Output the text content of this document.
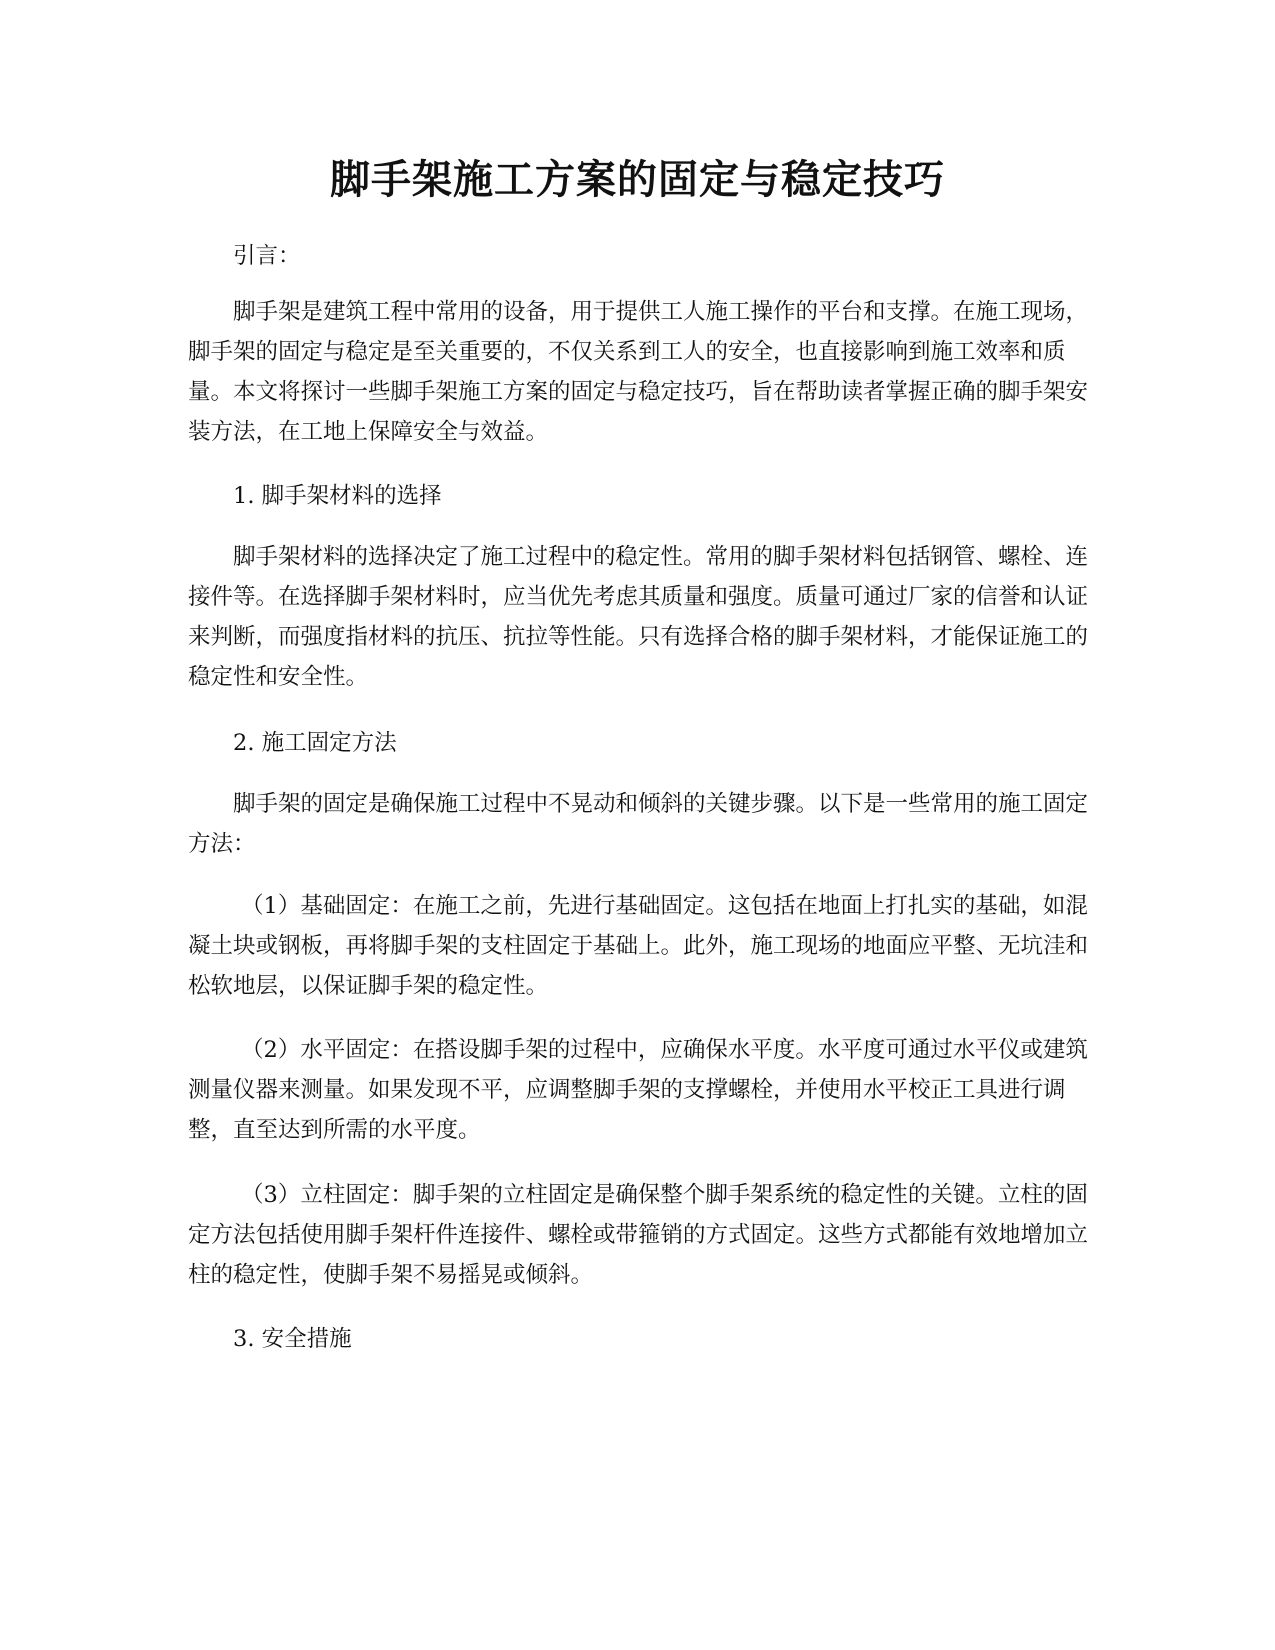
脚手架施工方案的固定与稳定技巧

引言：

脚手架是建筑工程中常用的设备，用于提供工人施工操作的平台和支撑。在施工现场，脚手架的固定与稳定是至关重要的，不仅关系到工人的安全，也直接影响到施工效率和质量。本文将探讨一些脚手架施工方案的固定与稳定技巧，旨在帮助读者掌握正确的脚手架安装方法，在工地上保障安全与效益。

1. 脚手架材料的选择

脚手架材料的选择决定了施工过程中的稳定性。常用的脚手架材料包括钢管、螺栓、连接件等。在选择脚手架材料时，应当优先考虑其质量和强度。质量可通过厂家的信誉和认证来判断，而强度指材料的抗压、抗拉等性能。只有选择合格的脚手架材料，才能保证施工的稳定性和安全性。

2. 施工固定方法

脚手架的固定是确保施工过程中不晃动和倾斜的关键步骤。以下是一些常用的施工固定方法：

（1）基础固定：在施工之前，先进行基础固定。这包括在地面上打扎实的基础，如混凝土块或钢板，再将脚手架的支柱固定于基础上。此外，施工现场的地面应平整、无坑洼和松软地层，以保证脚手架的稳定性。

（2）水平固定：在搭设脚手架的过程中，应确保水平度。水平度可通过水平仪或建筑测量仪器来测量。如果发现不平，应调整脚手架的支撑螺栓，并使用水平校正工具进行调整，直至达到所需的水平度。

（3）立柱固定：脚手架的立柱固定是确保整个脚手架系统的稳定性的关键。立柱的固定方法包括使用脚手架杆件连接件、螺栓或带箍销的方式固定。这些方式都能有效地增加立柱的稳定性，使脚手架不易摇晃或倾斜。

3. 安全措施
